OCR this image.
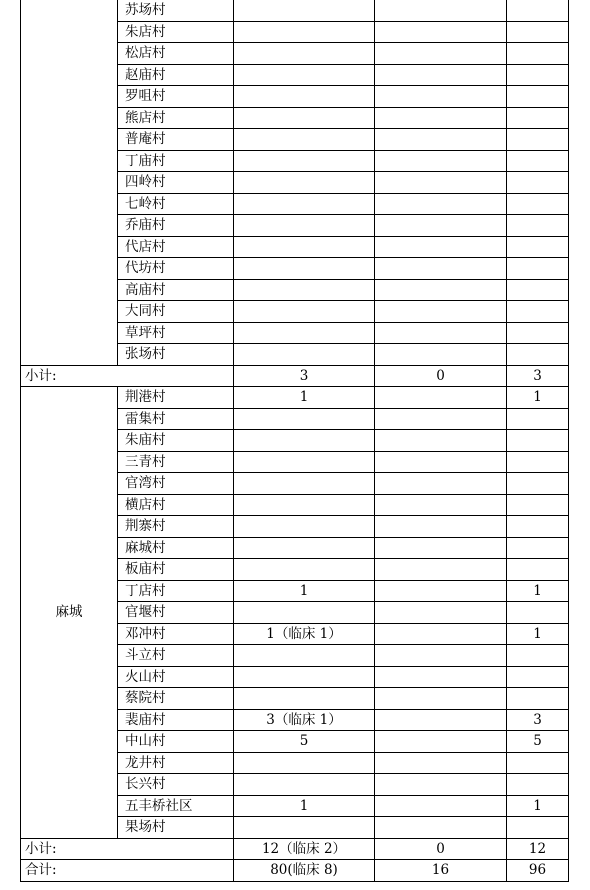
	苏场村			
	朱店村			
	松店村			
	赵庙村			
	罗咀村			
	熊店村			
	普庵村			
	丁庙村			
	四岭村			
	七岭村			
	乔庙村			
	代店村			
	代坊村			
	高庙村			
	大同村			
	草坪村			
	张场村			
小计:		3	0	3
麻城	荆港村	1		1
	雷集村			
	朱庙村			
	三青村			
	官湾村			
	横店村			
	荆寨村			
	麻城村			
	板庙村			
	丁店村	1		1
	官堰村			
	邓冲村	1（临床 1）		1
	斗立村			
	火山村			
	蔡院村			
	裴庙村	3（临床 1）		3
	中山村	5		5
	龙井村			
	长兴村			
	五丰桥社区	1		1
	果场村			
小计:		12（临床 2）	0	12
合计:		80(临床 8)	16	96
